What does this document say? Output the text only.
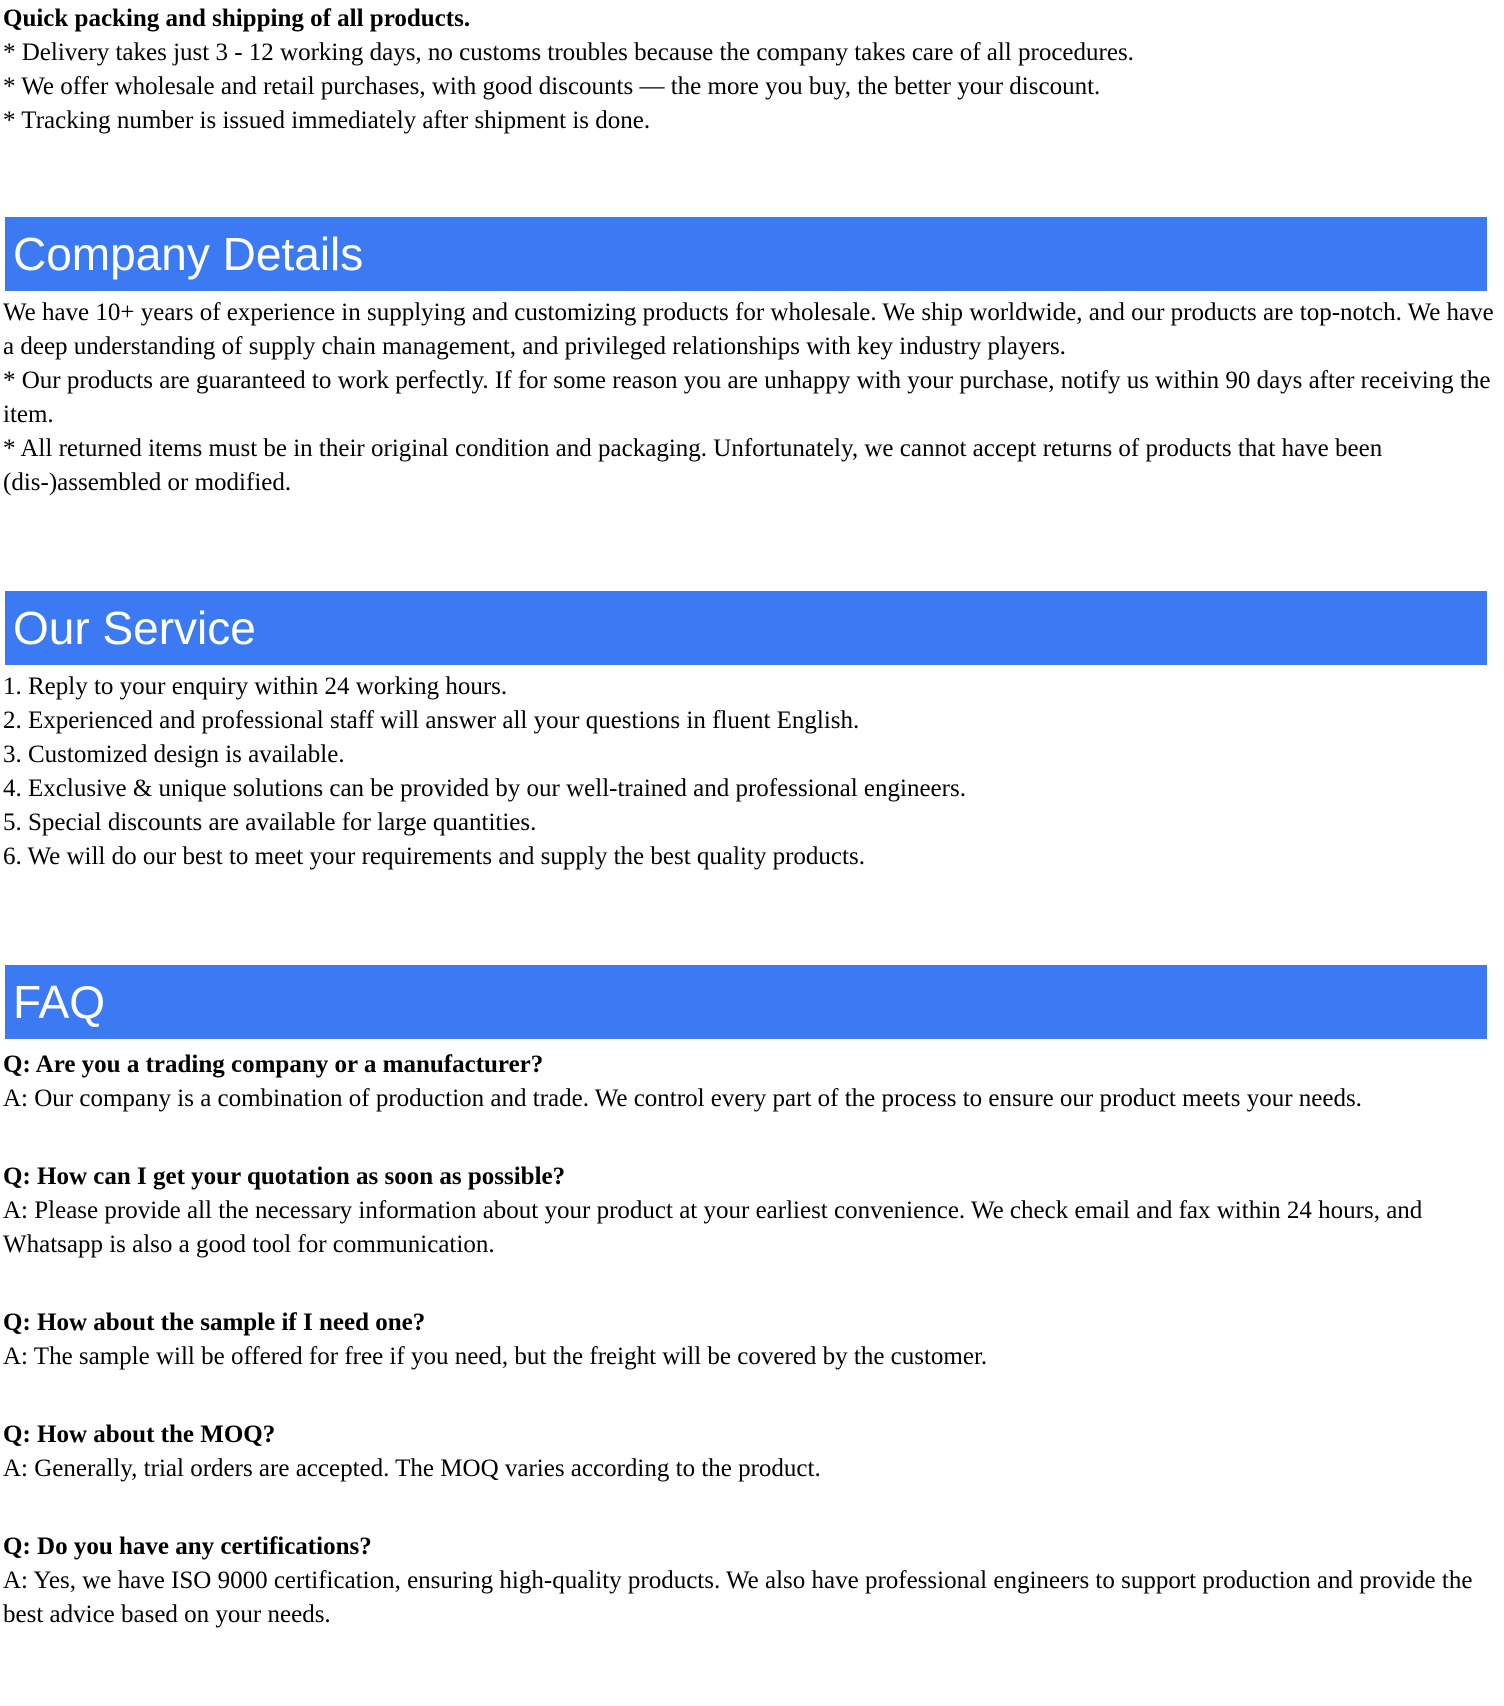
Quick packing and shipping of all products.

* Delivery takes just 3 - 12 working days, no customs troubles because the company takes care of all procedures.

* We offer wholesale and retail purchases, with good discounts — the more you buy, the better your discount.

* Tracking number is issued immediately after shipment is done.

Company Details

We have 10+ years of experience in supplying and customizing products for wholesale. We ship worldwide, and our products are top-notch. We have a deep understanding of supply chain management, and privileged relationships with key industry players.

* Our products are guaranteed to work perfectly. If for some reason you are unhappy with your purchase, notify us within 90 days after receiving the item.

* All returned items must be in their original condition and packaging. Unfortunately, we cannot accept returns of products that have been (dis-)assembled or modified.

Our Service

1. Reply to your enquiry within 24 working hours.

2. Experienced and professional staff will answer all your questions in fluent English.

3. Customized design is available.

4. Exclusive & unique solutions can be provided by our well-trained and professional engineers.

5. Special discounts are available for large quantities.

6. We will do our best to meet your requirements and supply the best quality products.

FAQ

Q: Are you a trading company or a manufacturer?

A: Our company is a combination of production and trade. We control every part of the process to ensure our product meets your needs.

Q: How can I get your quotation as soon as possible?

A: Please provide all the necessary information about your product at your earliest convenience. We check email and fax within 24 hours, and Whatsapp is also a good tool for communication.

Q: How about the sample if I need one?

A: The sample will be offered for free if you need, but the freight will be covered by the customer.

Q: How about the MOQ?

A: Generally, trial orders are accepted. The MOQ varies according to the product.

Q: Do you have any certifications?

A: Yes, we have ISO 9000 certification, ensuring high-quality products. We also have professional engineers to support production and provide the best advice based on your needs.
